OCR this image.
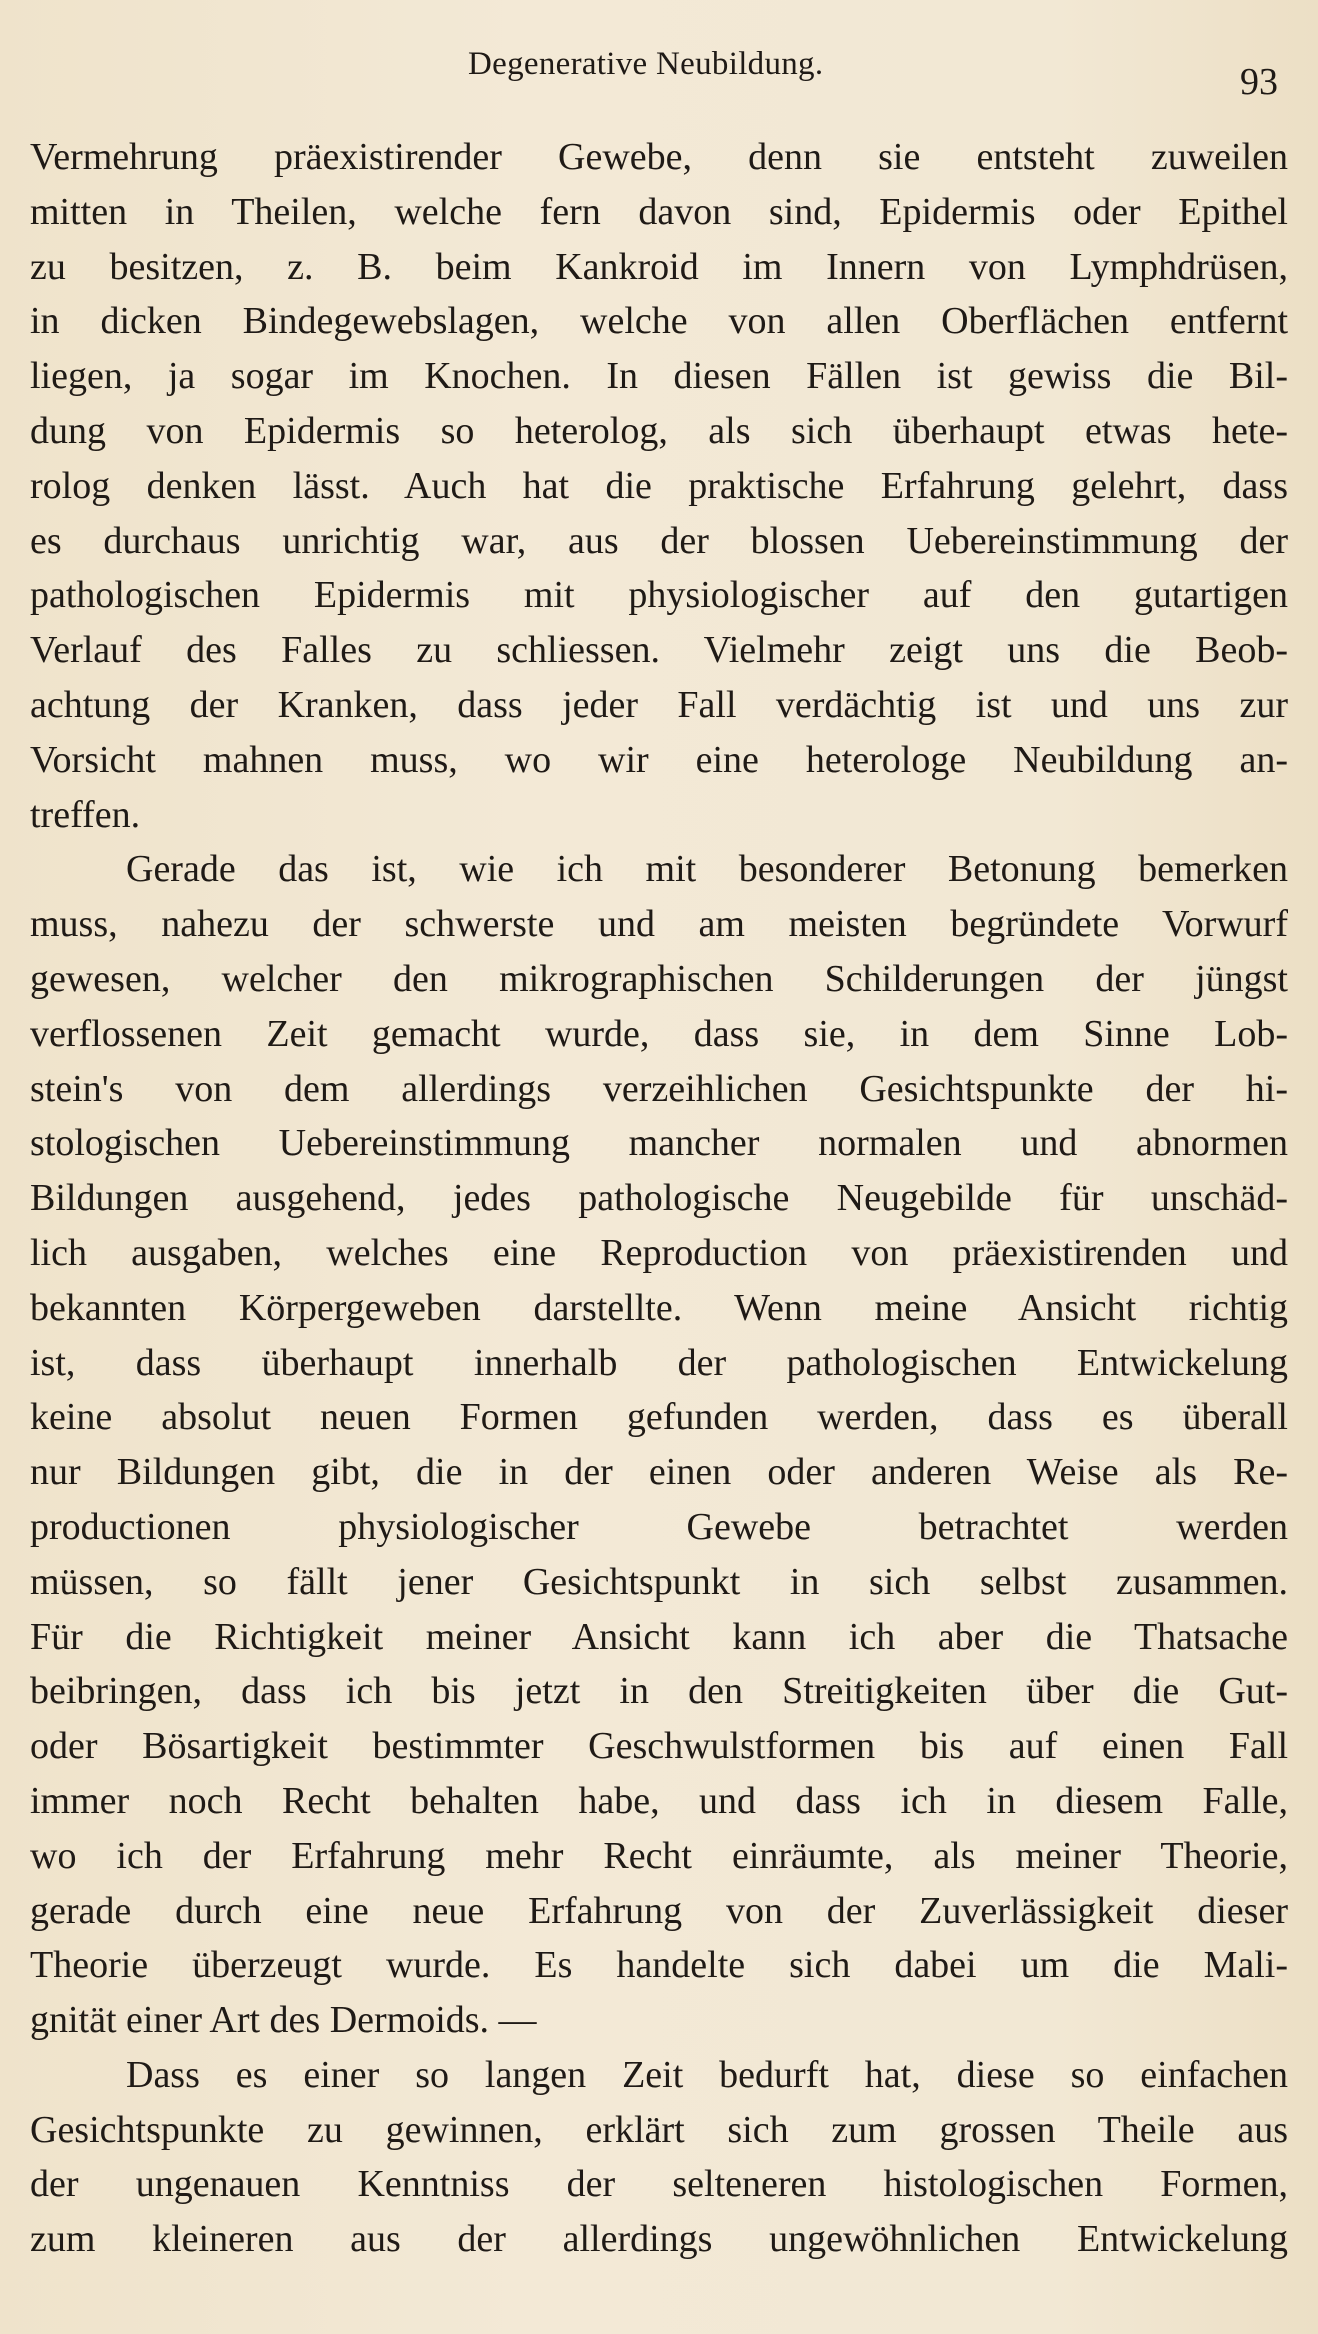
Degenerative Neubildung.	93
Vermehrung präexistirender Gewebe, denn sie entsteht zuweilen
mitten in Theilen, welche fern davon sind, Epidermis oder Epithel
zu besitzen, z. B. beim Kankroid im Innern von Lymphdrüsen,
in dicken Bindegewebslagen, welche von allen Oberflächen entfernt
liegen, ja sogar im Knochen. In diesen Fällen ist gewiss die Bil-
dung von Epidermis so heterolog, als sich überhaupt etwas hete-
rolog denken lässt. Auch hat die praktische Erfahrung gelehrt, dass
es durchaus unrichtig war, aus der blossen Uebereinstimmung der
pathologischen Epidermis mit physiologischer auf den gutartigen
Verlauf des Falles zu schliessen. Vielmehr zeigt uns die Beob-
achtung der Kranken, dass jeder Fall verdächtig ist und uns zur
Vorsicht mahnen muss, wo wir eine heterologe Neubildung an-
treffen.
Gerade das ist, wie ich mit besonderer Betonung bemerken
muss, nahezu der schwerste und am meisten begründete Vorwurf
gewesen, welcher den mikrographischen Schilderungen der jüngst
verflossenen Zeit gemacht wurde, dass sie, in dem Sinne Lob-
stein's von dem allerdings verzeihlichen Gesichtspunkte der hi-
stologischen Uebereinstimmung mancher normalen und abnormen
Bildungen ausgehend, jedes pathologische Neugebilde für unschäd-
lich ausgaben, welches eine Reproduction von präexistirenden und
bekannten Körpergeweben darstellte. Wenn meine Ansicht richtig
ist, dass überhaupt innerhalb der pathologischen Entwickelung
keine absolut neuen Formen gefunden werden, dass es überall
nur Bildungen gibt, die in der einen oder anderen Weise als Re-
productionen physiologischer Gewebe betrachtet werden
müssen, so fällt jener Gesichtspunkt in sich selbst zusammen.
Für die Richtigkeit meiner Ansicht kann ich aber die Thatsache
beibringen, dass ich bis jetzt in den Streitigkeiten über die Gut-
oder Bösartigkeit bestimmter Geschwulstformen bis auf einen Fall
immer noch Recht behalten habe, und dass ich in diesem Falle,
wo ich der Erfahrung mehr Recht einräumte, als meiner Theorie,
gerade durch eine neue Erfahrung von der Zuverlässigkeit dieser
Theorie überzeugt wurde. Es handelte sich dabei um die Mali-
gnität einer Art des Dermoids. —
Dass es einer so langen Zeit bedurft hat, diese so einfachen
Gesichtspunkte zu gewinnen, erklärt sich zum grossen Theile aus
der ungenauen Kenntniss der selteneren histologischen Formen,
zum kleineren aus der allerdings ungewöhnlichen Entwickelung
